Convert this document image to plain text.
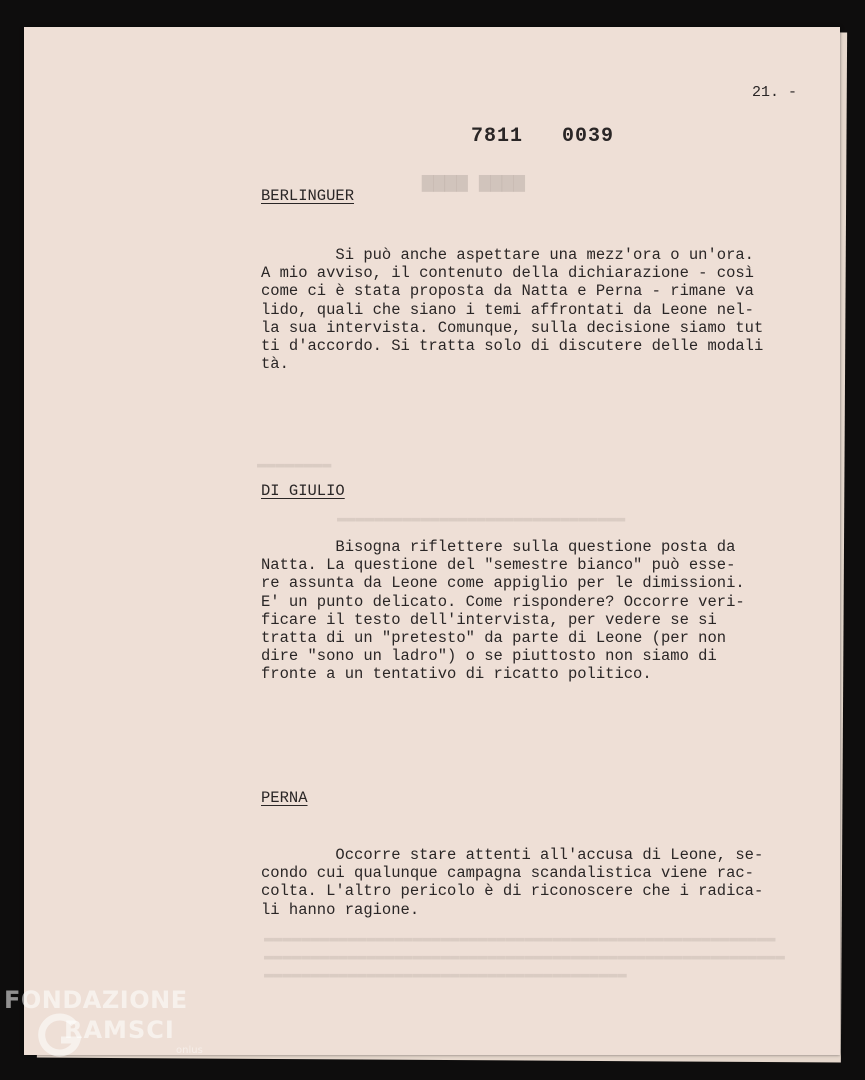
▆▆▆▆ ▆▆▆▆
▬▬▬▬▬▬▬▬
▬▬▬▬▬▬▬▬▬▬▬▬▬▬▬▬▬▬▬▬▬▬▬▬▬▬▬▬▬▬▬
▬▬▬▬▬▬▬▬▬▬▬▬▬▬▬▬▬▬▬▬▬▬▬▬▬▬▬▬▬▬▬▬▬▬▬▬▬▬▬▬▬▬▬▬▬▬▬▬▬▬▬▬▬▬▬
▬▬▬▬▬▬▬▬▬▬▬▬▬▬▬▬▬▬▬▬▬▬▬▬▬▬▬▬▬▬▬▬▬▬▬▬▬▬▬▬▬▬▬▬▬▬▬▬▬▬▬▬▬▬▬▬
▬▬▬▬▬▬▬▬▬▬▬▬▬▬▬▬▬▬▬▬▬▬▬▬▬▬▬▬▬▬▬▬▬▬▬▬▬▬▬
21. -
7811   0039
BERLINGUER

Si può anche aspettare una mezz'ora o un'ora.
A mio avviso, il contenuto della dichiarazione - così
come ci è stata proposta da Natta e Perna - rimane va
lido, quali che siano i temi affrontati da Leone nel-
la sua intervista. Comunque, sulla decisione siamo tut
ti d'accordo. Si tratta solo di discutere delle modali
tà.

DI GIULIO

Bisogna riflettere sulla questione posta da
Natta. La questione del "semestre bianco" può esse-
re assunta da Leone come appiglio per le dimissioni.
E' un punto delicato. Come rispondere? Occorre veri-
ficare il testo dell'intervista, per vedere se si
tratta di un "pretesto" da parte di Leone (per non
dire "sono un ladro") o se piuttosto non siamo di
fronte a un tentativo di ricatto politico.

PERNA

Occorre stare attenti all'accusa di Leone, se-
condo cui qualunque campagna scandalistica viene rac-
colta. L'altro pericolo è di riconoscere che i radica-
li hanno ragione.

FONDAZIONE
RAMSCI
onlus
